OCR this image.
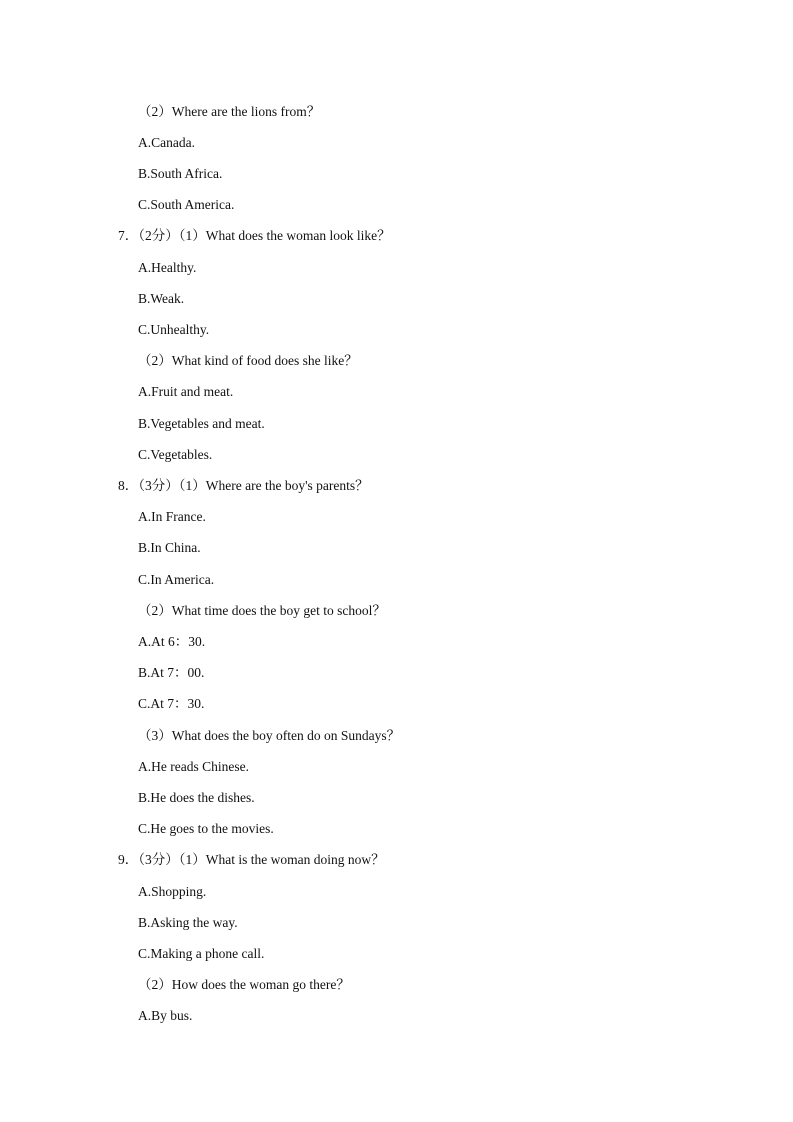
（2）Where are the lions from？
A.Canada.
B.South Africa.
C.South America.
7．（2分）（1）What does the woman look like？
A.Healthy.
B.Weak.
C.Unhealthy.
（2）What kind of food does she like？
A.Fruit and meat.
B.Vegetables and meat.
C.Vegetables.
8．（3分）（1）Where are the boy's parents？
A.In France.
B.In China.
C.In America.
（2）What time does the boy get to school？
A.At 6：30.
B.At 7：00.
C.At 7：30.
（3）What does the boy often do on Sundays？
A.He reads Chinese.
B.He does the dishes.
C.He goes to the movies.
9．（3分）（1）What is the woman doing now？
A.Shopping.
B.Asking the way.
C.Making a phone call.
（2）How does the woman go there？
A.By bus.
